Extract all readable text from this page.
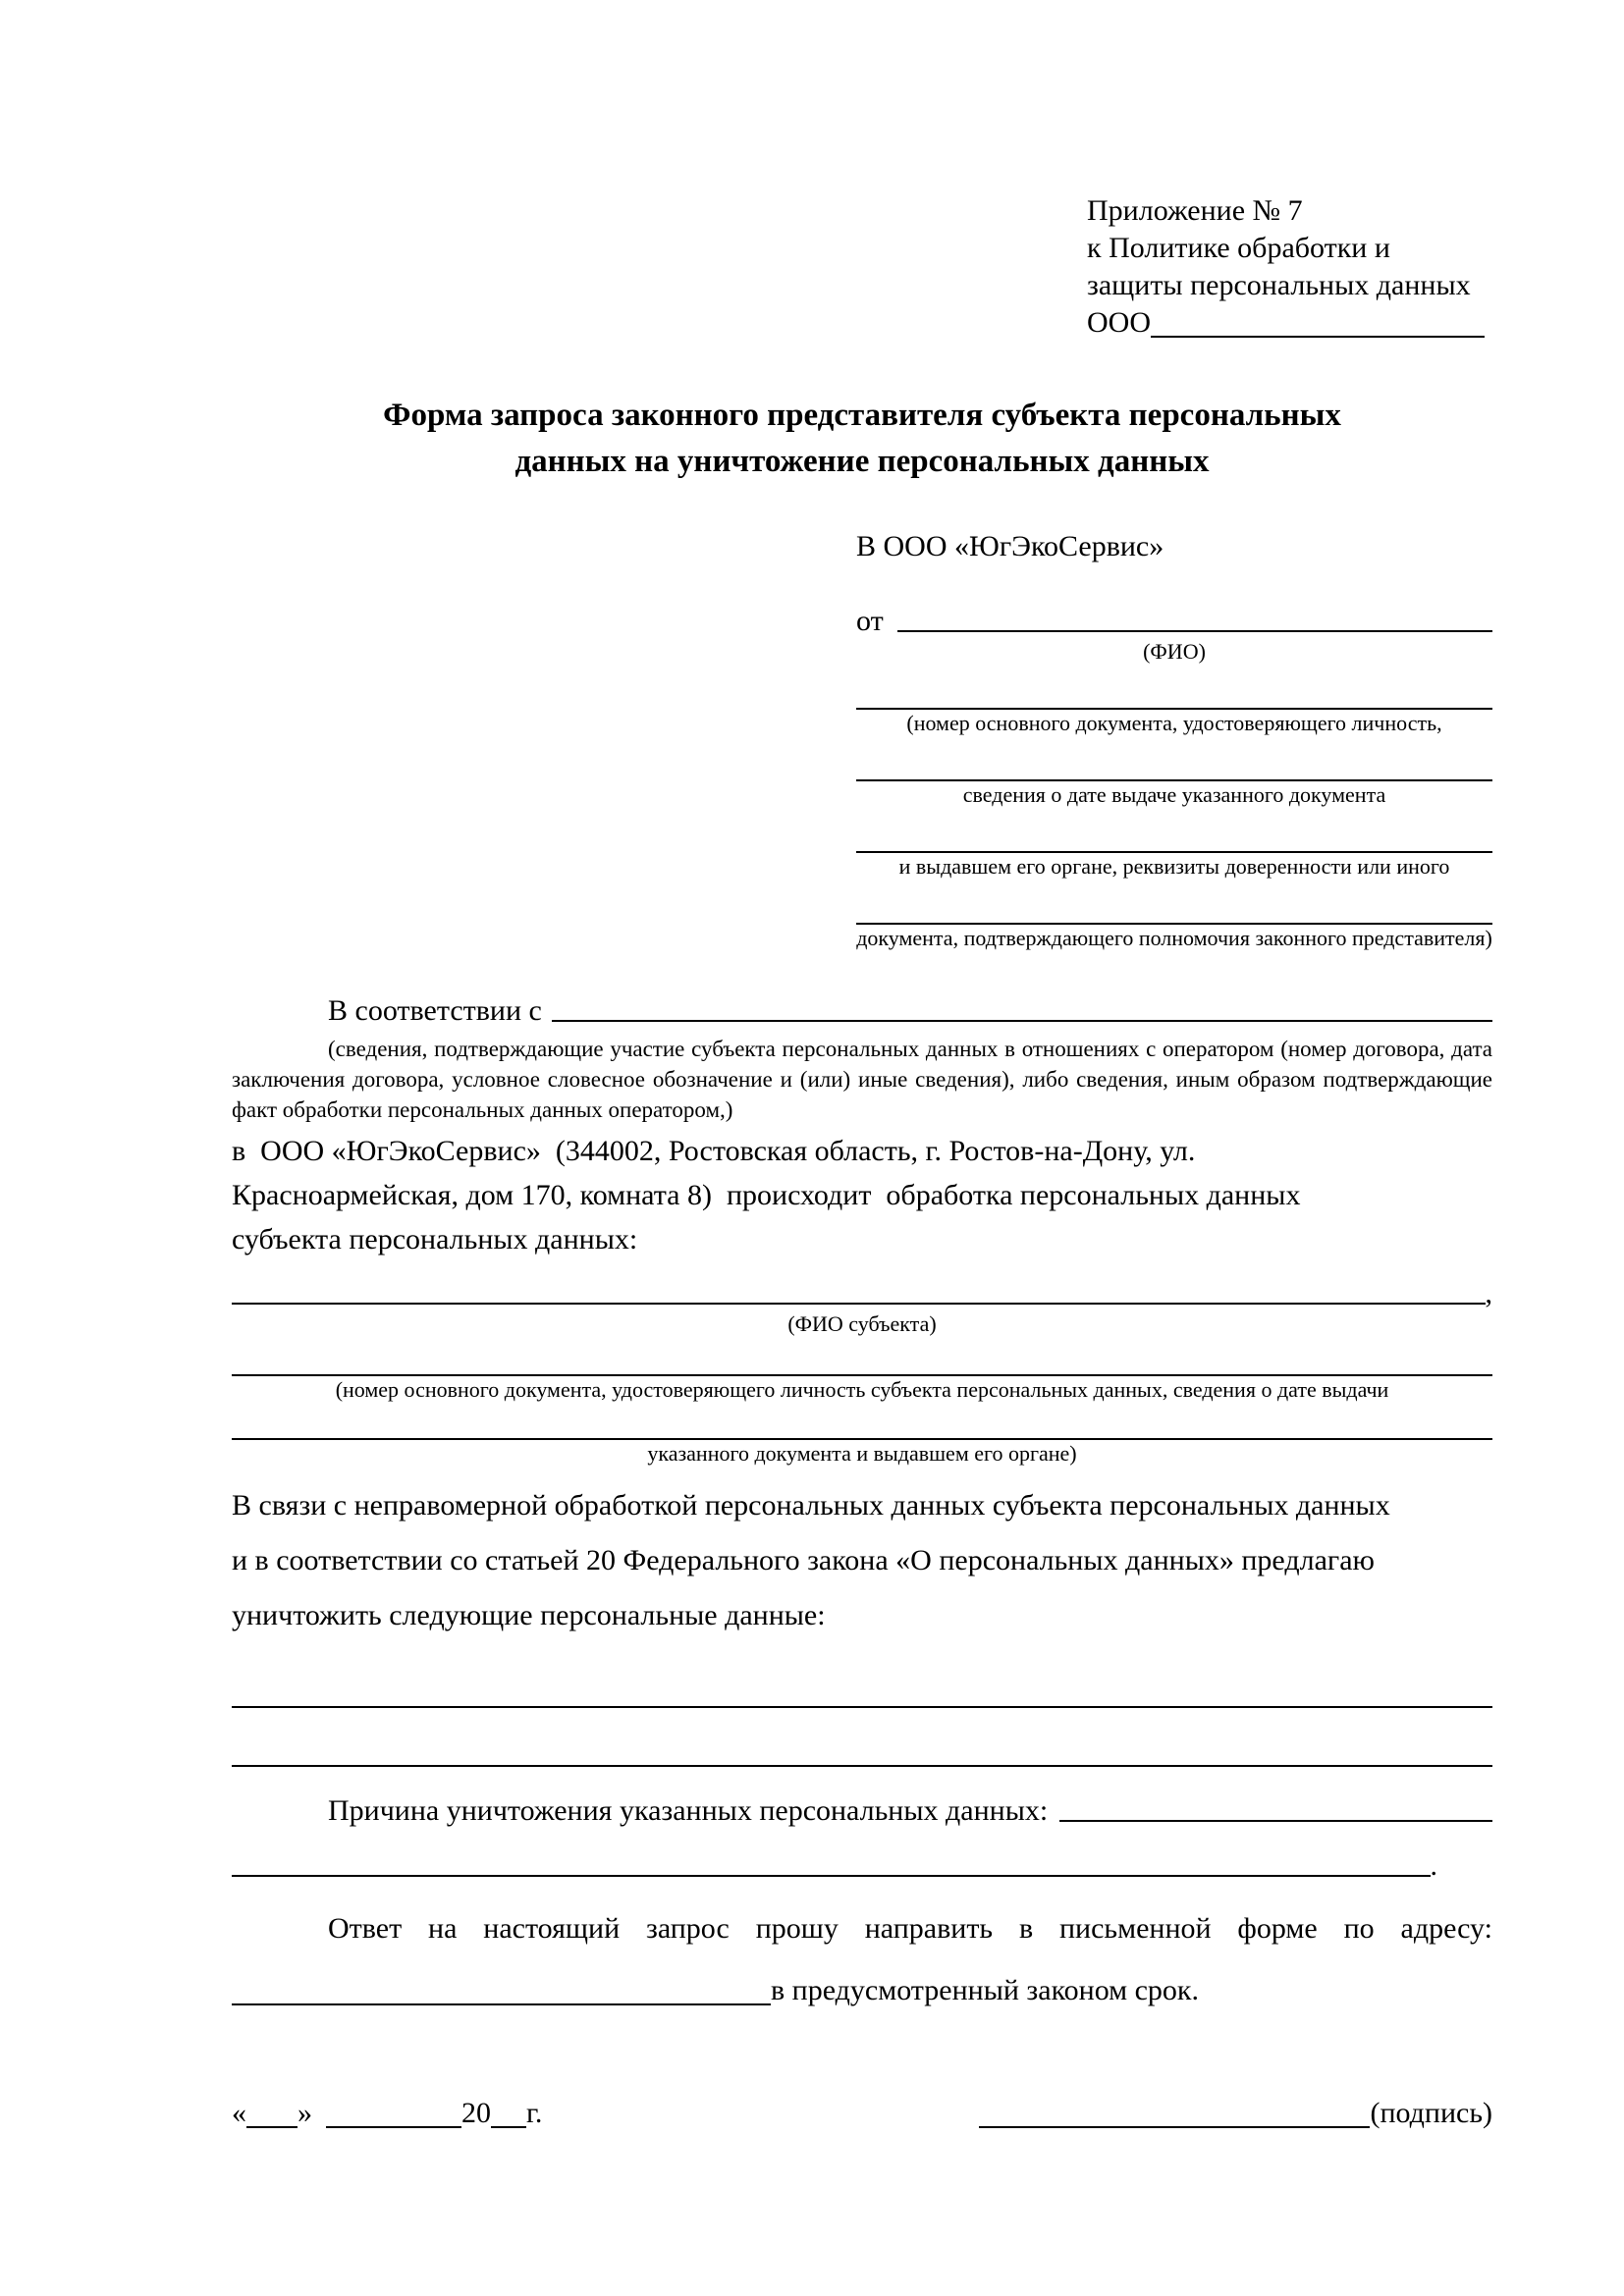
Приложение № 7
к Политике обработки и
защиты персональных данных
ООО
Форма запроса законного представителя субъекта персональных
данных на уничтожение персональных данных
В ООО «ЮгЭкоСервис»
от
(ФИО)
(номер основного документа, удостоверяющего личность,
сведения о дате выдаче указанного документа
и выдавшем его органе, реквизиты доверенности или иного
документа, подтверждающего полномочия законного представителя)
В соответствии с

(сведения, подтверждающие участие субъекта персональных данных в отношениях с оператором (номер договора, дата заключения договора, условное словесное обозначение и (или) иные сведения), либо сведения, иным образом подтверждающие факт обработки персональных данных оператором,)

в  ООО «ЮгЭкоСервис»  (344002, Ростовская область, г. Ростов-на-Дону, ул.
Красноармейская, дом 170, комната 8)  происходит  обработка персональных данных
субъекта персональных данных:
,
(ФИО субъекта)
(номер основного документа, удостоверяющего личность субъекта персональных данных, сведения о дате выдачи
указанного документа и выдавшем его органе)
В связи с неправомерной обработкой персональных данных субъекта персональных данных
и в соответствии со статьей 20 Федерального закона «О персональных данных» предлагаю
уничтожить следующие персональные данные:
Причина уничтожения указанных персональных данных:
.

Ответ на настоящий запрос прошу направить в письменной форме по адресу:

в предусмотренный законом срок.
« »	20 г.	(подпись)
